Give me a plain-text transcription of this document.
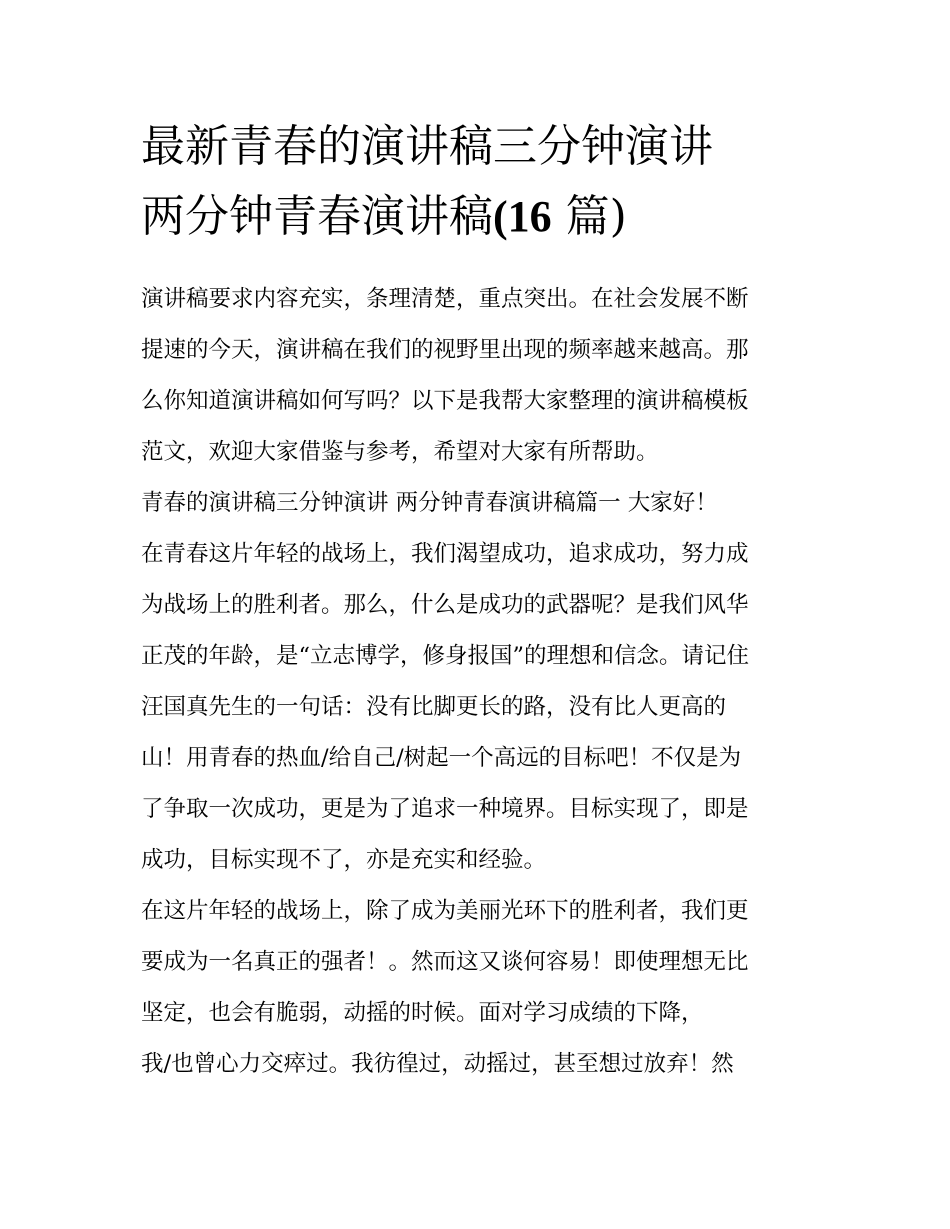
最新青春的演讲稿三分钟演讲
两分钟青春演讲稿(16 篇)

演讲稿要求内容充实，条理清楚，重点突出。在社会发展不断
提速的今天，演讲稿在我们的视野里出现的频率越来越高。那
么你知道演讲稿如何写吗？以下是我帮大家整理的演讲稿模板
范文，欢迎大家借鉴与参考，希望对大家有所帮助。

青春的演讲稿三分钟演讲 两分钟青春演讲稿篇一 大家好！

在青春这片年轻的战场上，我们渴望成功，追求成功，努力成
为战场上的胜利者。那么，什么是成功的武器呢？是我们风华
正茂的年龄，是“立志博学，修身报国”的理想和信念。请记住
汪国真先生的一句话：没有比脚更长的路，没有比人更高的
山！用青春的热血/给自己/树起一个高远的目标吧！不仅是为
了争取一次成功，更是为了追求一种境界。目标实现了，即是
成功，目标实现不了，亦是充实和经验。

在这片年轻的战场上，除了成为美丽光环下的胜利者，我们更
要成为一名真正的强者！。然而这又谈何容易！即使理想无比
坚定，也会有脆弱，动摇的时候。面对学习成绩的下降，
我/也曾心力交瘁过。我彷徨过，动摇过，甚至想过放弃！然
